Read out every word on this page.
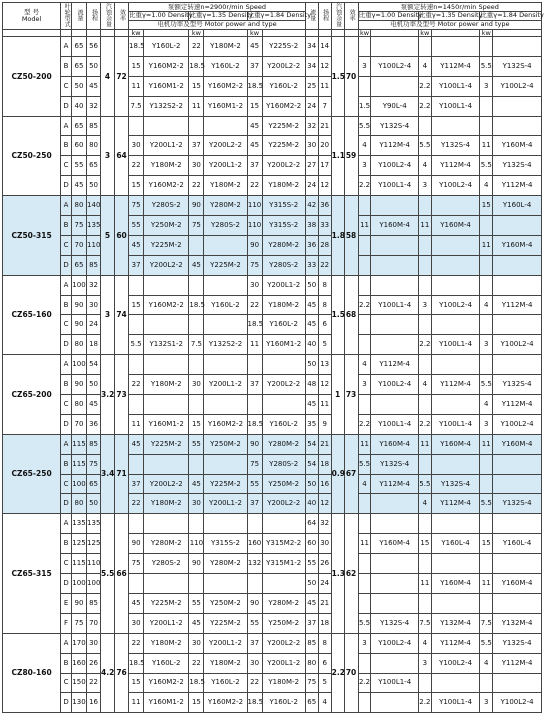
型 号
Model	叶轮型式	流量	扬程	汽蚀余量	效率	泵额定转速n=2900r/min Speed						流量	扬程	汽蚀余量	效率	泵额定转速n=1450r/min Speed					
						比重γ=1.00 Density		比重γ=1.35 Density		比重γ=1.84 Density						比重γ=1.00 Density		比重γ=1.35 Density		比重γ=1.84 Density	
						电机功率及型号 Motor power and type										电机功率及型号 Motor power and type					
						kw		kw		kw						kw		kw		kw	
CZ50-200	A	65	56	4	72	18.5	Y160L-2	22	Y180M-2	45	Y225S-2	34	14	1.5	70						
	B	65	50			15	Y160M2-2	18.5	Y160L-2	37	Y200L2-2	34	12			3	Y100L2-4	4	Y112M-4	5.5	Y132S-4
	C	50	45			11	Y160M1-2	15	Y160M2-2	18.5	Y160L-2	25	11					2.2	Y100L1-4	3	Y100L2-4
	D	40	32			7.5	Y132S2-2	11	Y160M1-2	15	Y160M2-2	24	7			1.5	Y90L-4	2.2	Y100L1-4		
CZ50-250	A	65	85	3	64					45	Y225M-2	32	21	1.1	59	5.5	Y132S-4				
	B	60	80			30	Y200L1-2	37	Y200L2-2	45	Y225M-2	30	20			4	Y112M-4	5.5	Y132S-4	11	Y160M-4
	C	55	65			22	Y180M-2	30	Y200L1-2	37	Y200L2-2	27	17			3	Y100L2-4	4	Y112M-4	5.5	Y132S-4
	D	45	50			15	Y160M2-2	22	Y180M-2	22	Y180M-2	24	12			2.2	Y100L1-4	3	Y100L2-4	4	Y112M-4
CZ50-315	A	80	140	5	60	75	Y280S-2	90	Y280M-2	110	Y315S-2	42	36	1.8	58					15	Y160L-4
	B	75	135			55	Y250M-2	75	Y280S-2	110	Y315S-2	38	33			11	Y160M-4	11	Y160M-4		
	C	70	110			45	Y225M-2			90	Y280M-2	36	28							11	Y160M-4
	D	65	85			37	Y200L2-2	45	Y225M-2	75	Y280S-2	33	22								
CZ65-160	A	100	32	3	74					30	Y200L1-2	50	8	1.5	68						
	B	90	30			15	Y160M2-2	18.5	Y160L-2	22	Y180M-2	45	8			2.2	Y100L1-4	3	Y100L2-4	4	Y112M-4
	C	90	24							18.5	Y160L-2	45	6								
	D	80	18			5.5	Y132S1-2	7.5	Y132S2-2	11	Y160M1-2	40	5					2.2	Y100L1-4	3	Y100L2-4
CZ65-200	A	100	54	3.2	73							50	13	1	73	4	Y112M-4				
	B	90	50			22	Y180M-2	30	Y200L1-2	37	Y200L2-2	48	12			3	Y100L2-4	4	Y112M-4	5.5	Y132S-4
	C	80	45									45	11							4	Y112M-4
	D	70	36			11	Y160M1-2	15	Y160M2-2	18.5	Y160L-2	35	9			2.2	Y100L1-4	2.2	Y100L1-4	3	Y100L2-4
CZ65-250	A	115	85	3.4	71	45	Y225M-2	55	Y250M-2	90	Y280M-2	54	21	0.9	67	11	Y160M-4	11	Y160M-4	11	Y160M-4
	B	115	75							75	Y280S-2	54	18			5.5	Y132S-4				
	C	100	65			37	Y200L2-2	45	Y225M-2	55	Y250M-2	50	16			4	Y112M-4	5.5	Y132S-4		
	D	80	50			22	Y180M-2	30	Y200L1-2	37	Y200L2-2	40	12					4	Y112M-4	5.5	Y132S-4
CZ65-315	A	135	135	5.5	66							64	32	1.3	62						
	B	125	125			90	Y280M-2	110	Y315S-2	160	Y315M2-2	60	30			11	Y160M-4	15	Y160L-4	15	Y160L-4
	C	115	110			75	Y280S-2	90	Y280M-2	132	Y315M1-2	55	26								
	D	100	100									50	24					11	Y160M-4	11	Y160M-4
	E	90	85			45	Y225M-2	55	Y250M-2	90	Y280M-2	45	21								
	F	75	70			30	Y200L1-2	45	Y225M-2	55	Y250M-2	37	18			5.5	Y132S-4	7.5	Y132M-4	7.5	Y132M-4
CZ80-160	A	170	30	4.2	76	22	Y180M-2	30	Y200L1-2	37	Y200L2-2	85	8	2.2	70	3	Y100L2-4	4	Y112M-4	5.5	Y132S-4
	B	160	26			18.5	Y160L-2	22	Y180M-2	30	Y200L1-2	80	6					3	Y100L2-4	4	Y112M-4
	C	150	22			15	Y160M2-2	18.5	Y160L-2	22	Y180M-2	75	5			2.2	Y100L1-4				
	D	130	16			11	Y160M1-2	15	Y160M2-2	18.5	Y160L-2	65	4					2.2	Y100L1-4	3	Y100L2-4
